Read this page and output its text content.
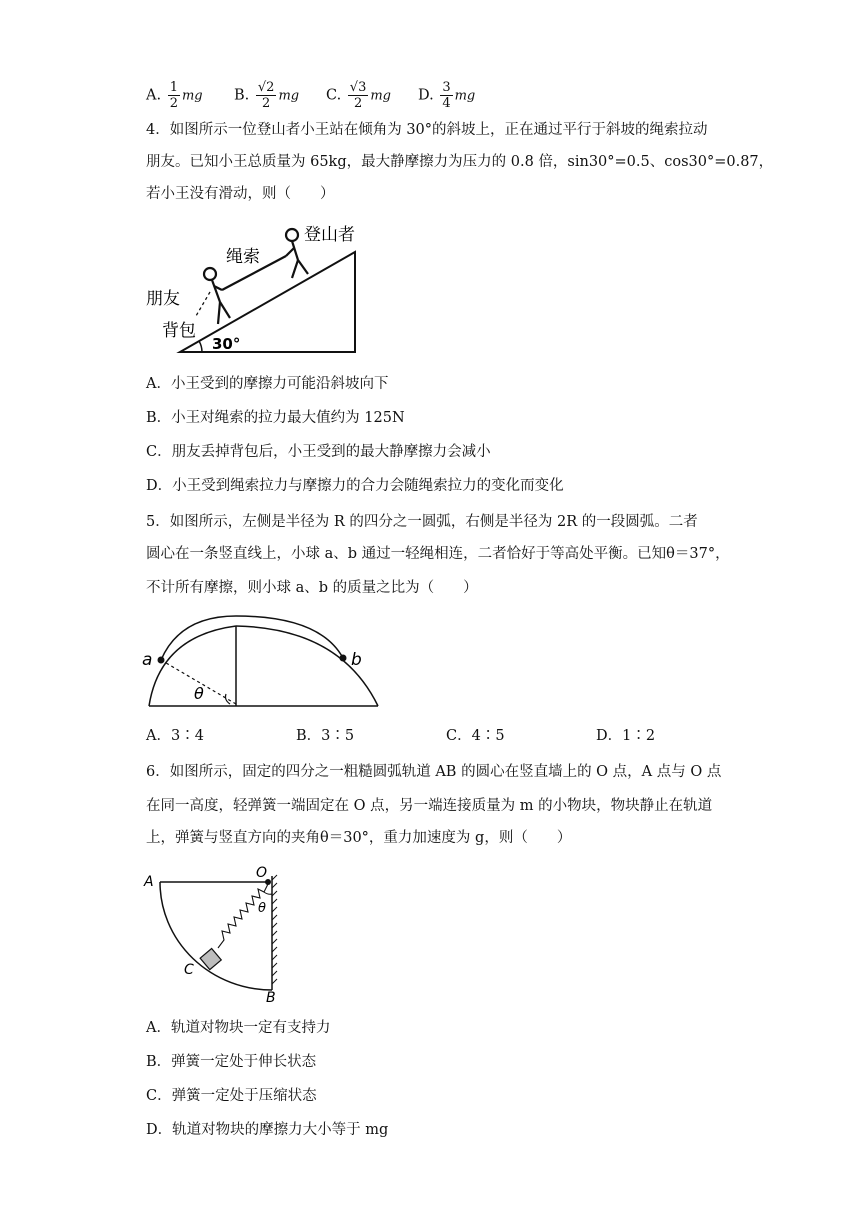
A. $\frac{1}{2}$ mg B. $\frac{√2}{2}$ mg C. $\frac{√3}{2}$ mg D. $\frac{3}{4}$ mg
4．如图所示一位登山者小王站在倾角为 30°的斜坡上，正在通过平行于斜坡的绳索拉动
朋友。已知小王总质量为 65kg，最大静摩擦力为压力的 0.8 倍，sin30°=0.5、cos30°=0.87，
若小王没有滑动，则（　　）
30°
登山者
绳索
朋友
背包
A．小王受到的摩擦力可能沿斜坡向下
B．小王对绳索的拉力最大值约为 125N
C．朋友丢掉背包后，小王受到的最大静摩擦力会减小
D．小王受到绳索拉力与摩擦力的合力会随绳索拉力的变化而变化
5．如图所示，左侧是半径为 R 的四分之一圆弧，右侧是半径为 2R 的一段圆弧。二者
圆心在一条竖直线上，小球 a、b 通过一轻绳相连，二者恰好于等高处平衡。已知θ＝37°，
不计所有摩擦，则小球 a、b 的质量之比为（　　）
a	b
θ
A．3∶4	B．3∶5	C．4∶5	D．1∶2
6．如图所示，固定的四分之一粗糙圆弧轨道 AB 的圆心在竖直墙上的 O 点，A 点与 O 点
在同一高度，轻弹簧一端固定在 O 点，另一端连接质量为 m 的小物块，物块静止在轨道
上，弹簧与竖直方向的夹角θ＝30°，重力加速度为 g，则（　　）
A
O
θ
C
B
A．轨道对物块一定有支持力
B．弹簧一定处于伸长状态
C．弹簧一定处于压缩状态
D．轨道对物块的摩擦力大小等于 mg
